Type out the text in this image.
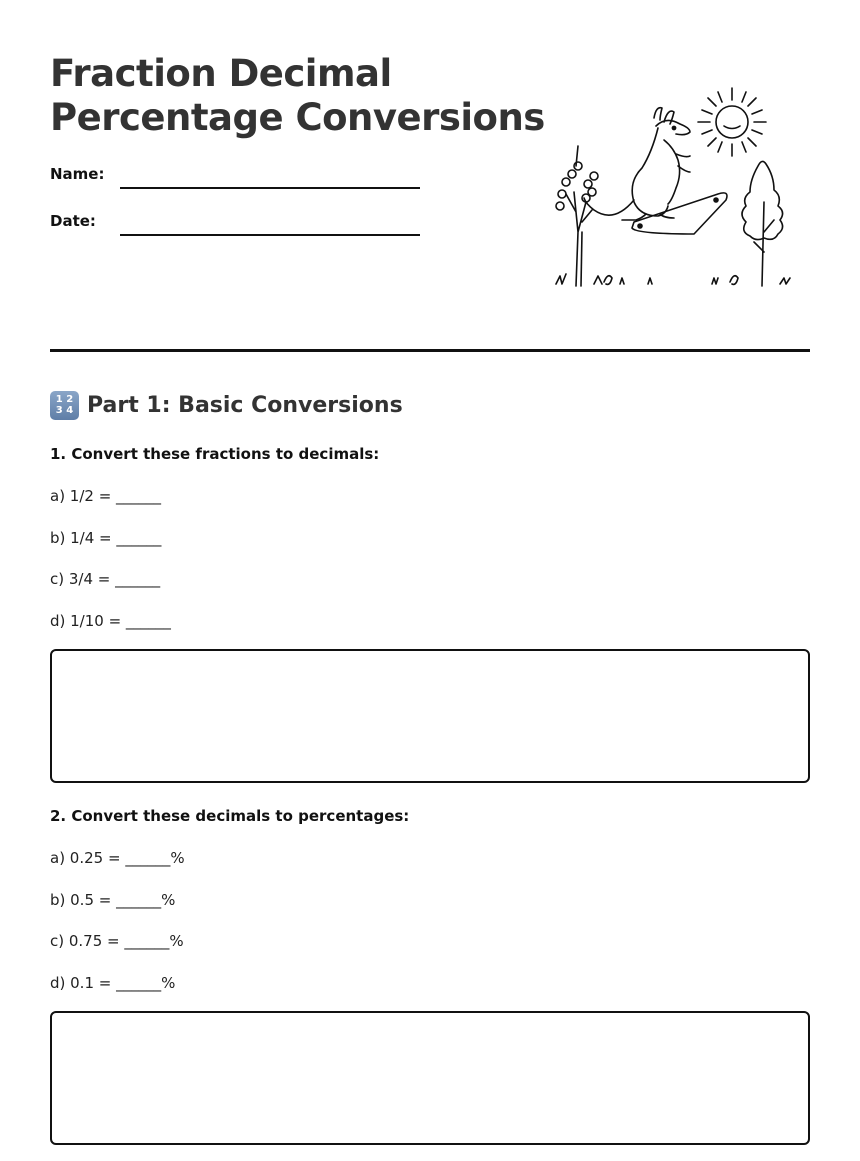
Fraction Decimal
Percentage Conversions
Name:
Date:
1 2
3 4 Part 1: Basic Conversions
1. Convert these fractions to decimals:
a) 1/2 = ______
b) 1/4 = ______
c) 3/4 = ______
d) 1/10 = ______
2. Convert these decimals to percentages:
a) 0.25 = ______%
b) 0.5 = ______%
c) 0.75 = ______%
d) 0.1 = ______%
